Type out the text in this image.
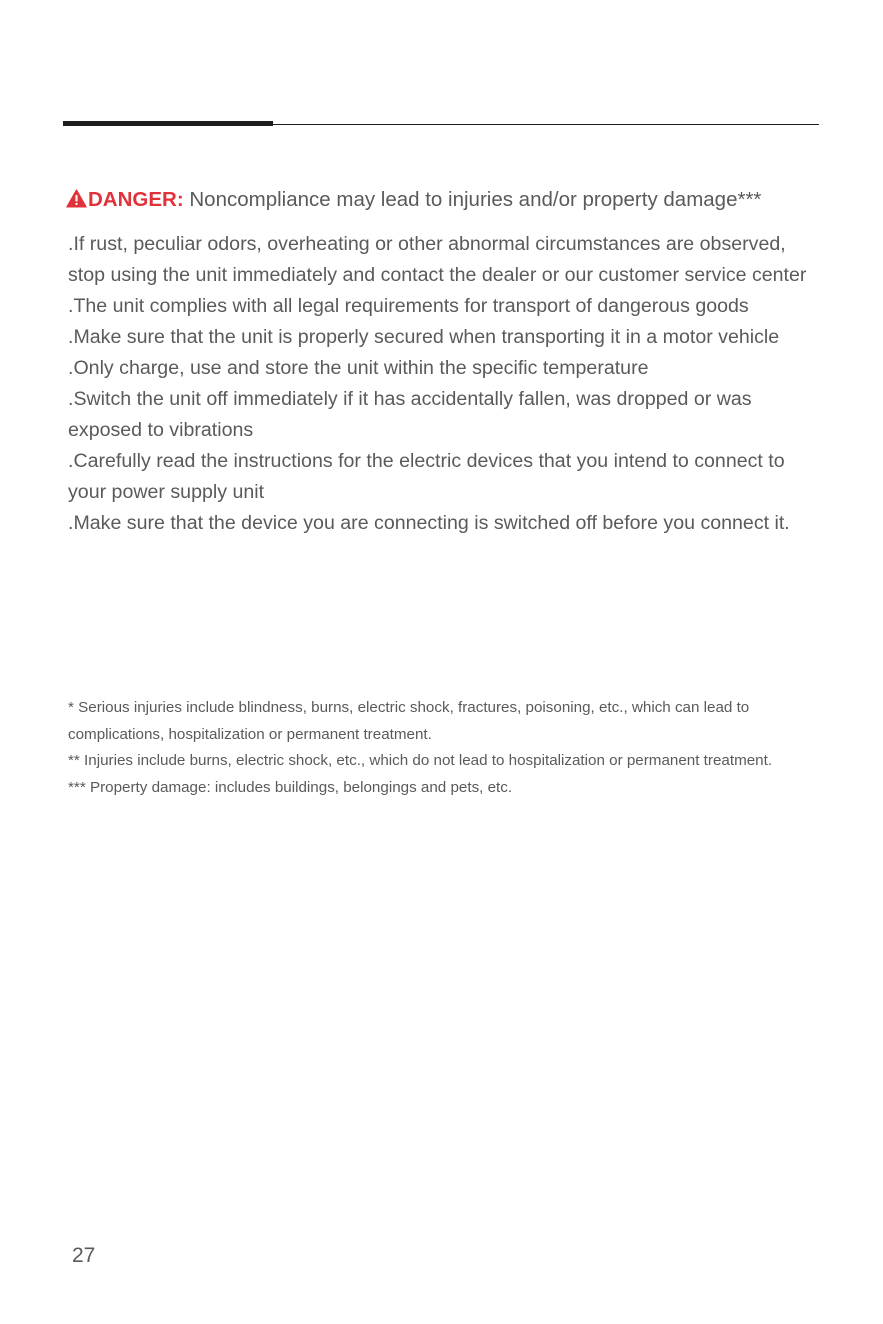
DANGER: Noncompliance may lead to injuries and/or property damage***

.If rust, peculiar odors, overheating or other abnormal circumstances are observed, stop using the unit immediately and contact the dealer or our customer service center

.The unit complies with all legal requirements for transport of dangerous goods

.Make sure that the unit is properly secured when transporting it in a motor vehicle

.Only charge, use and store the unit within the specific temperature

.Switch the unit off immediately if it has accidentally fallen, was dropped or was exposed to vibrations

.Carefully read the instructions for the electric devices that you intend to connect to your power supply unit

.Make sure that the device you are connecting is switched off before you connect it.

* Serious injuries include blindness, burns, electric shock, fractures, poisoning, etc., which can lead to complications, hospitalization or permanent treatment.

** Injuries include burns, electric shock, etc., which do not lead to hospitalization or permanent treatment.

*** Property damage: includes buildings, belongings and pets, etc.

27
